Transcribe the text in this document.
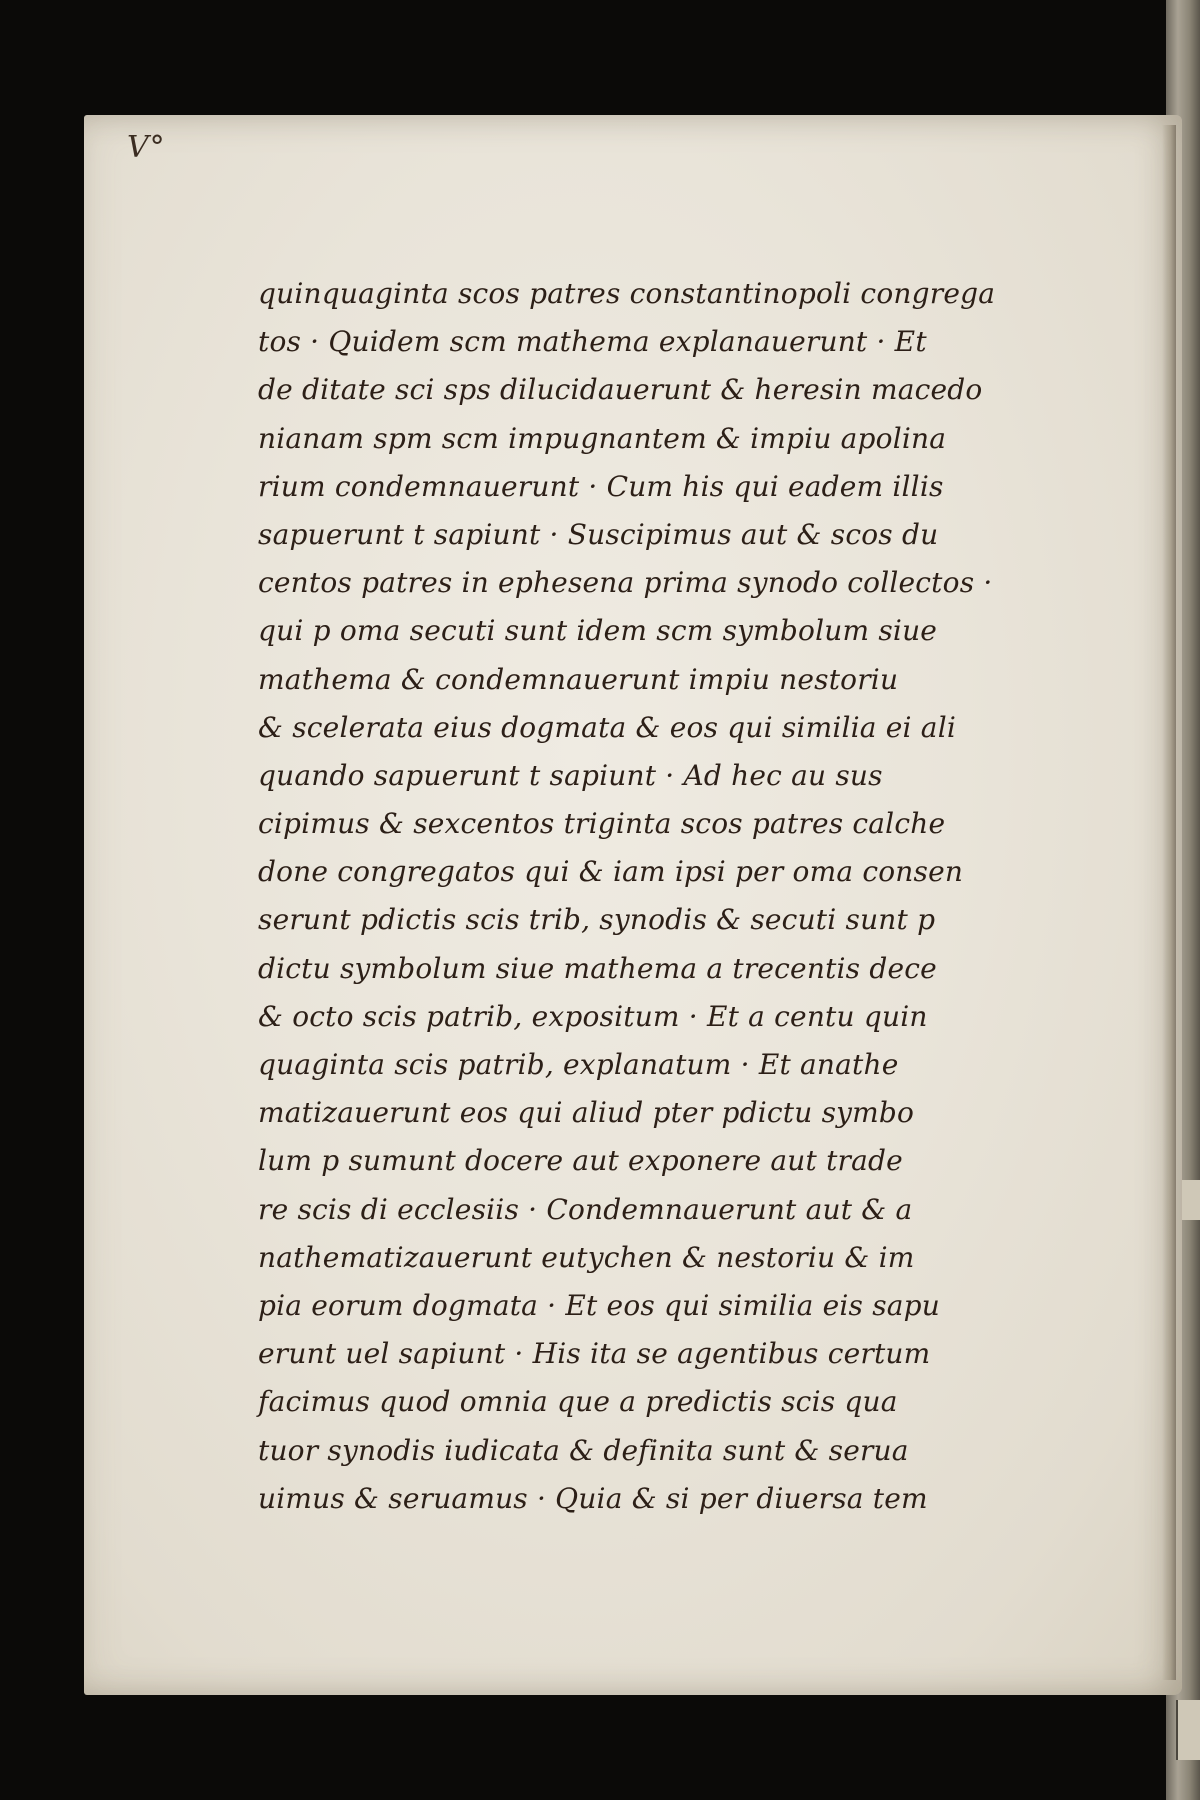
V°
quinquaginta scos patres constantinopoli congrega
tos · Quidem scm mathema explanauerunt · Et
de ditate sci sps dilucidauerunt & heresin macedo
nianam spm scm impugnantem & impiu apolina
rium condemnauerunt · Cum his qui eadem illis
sapuerunt t sapiunt · Suscipimus aut & scos du
centos patres in ephesena prima synodo collectos ·
qui p oma secuti sunt idem scm symbolum siue
mathema & condemnauerunt impiu nestoriu
& scelerata eius dogmata & eos qui similia ei ali
quando sapuerunt t sapiunt · Ad hec au sus
cipimus & sexcentos triginta scos patres calche
done congregatos qui & iam ipsi per oma consen
serunt pdictis scis trib, synodis & secuti sunt p
dictu symbolum siue mathema a trecentis dece
& octo scis patrib, expositum · Et a centu quin
quaginta scis patrib, explanatum · Et anathe
matizauerunt eos qui aliud pter pdictu symbo
lum p sumunt docere aut exponere aut trade
re scis di ecclesiis · Condemnauerunt aut & a
nathematizauerunt eutychen & nestoriu & im
pia eorum dogmata · Et eos qui similia eis sapu
erunt uel sapiunt · His ita se agentibus certum
facimus quod omnia que a predictis scis qua
tuor synodis iudicata & definita sunt & serua
uimus & seruamus · Quia & si per diuersa tem
